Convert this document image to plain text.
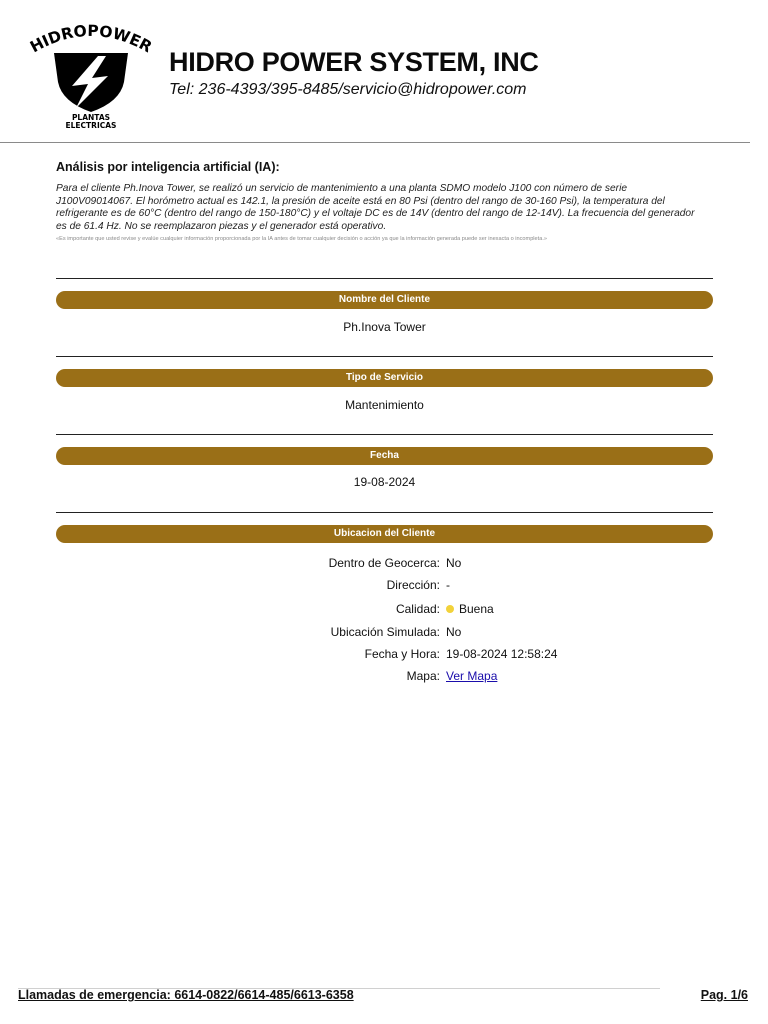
HIDROPOWER
PLANTAS
ELECTRICAS
HIDRO POWER SYSTEM, INC
Tel: 236-4393/395-8485/servicio@hidropower.com
Análisis por inteligencia artificial (IA):
Para el cliente Ph.Inova Tower, se realizó un servicio de mantenimiento a una planta SDMO modelo J100 con número de serie J100V09014067. El horómetro actual es 142.1, la presión de aceite está en 80 Psi (dentro del rango de 30-160 Psi), la temperatura del refrigerante es de 60°C (dentro del rango de 150-180°C) y el voltaje DC es de 14V (dentro del rango de 12-14V). La frecuencia del generador es de 61.4 Hz. No se reemplazaron piezas y el generador está operativo.
«Es importante que usted revise y evalúe cualquier información proporcionada por la IA antes de tomar cualquier decisión o acción ya que la información generada puede ser inexacta o incompleta.»
Nombre del Cliente
Ph.Inova Tower
Tipo de Servicio
Mantenimiento
Fecha
19-08-2024
Ubicacion del Cliente
Dentro de Geocerca: No
Dirección: -
Calidad:	Buena
Ubicación Simulada: No
Fecha y Hora: 19-08-2024 12:58:24
Mapa: Ver Mapa
Llamadas de emergencia: 6614-0822/6614-485/6613-6358	Pag. 1/6
